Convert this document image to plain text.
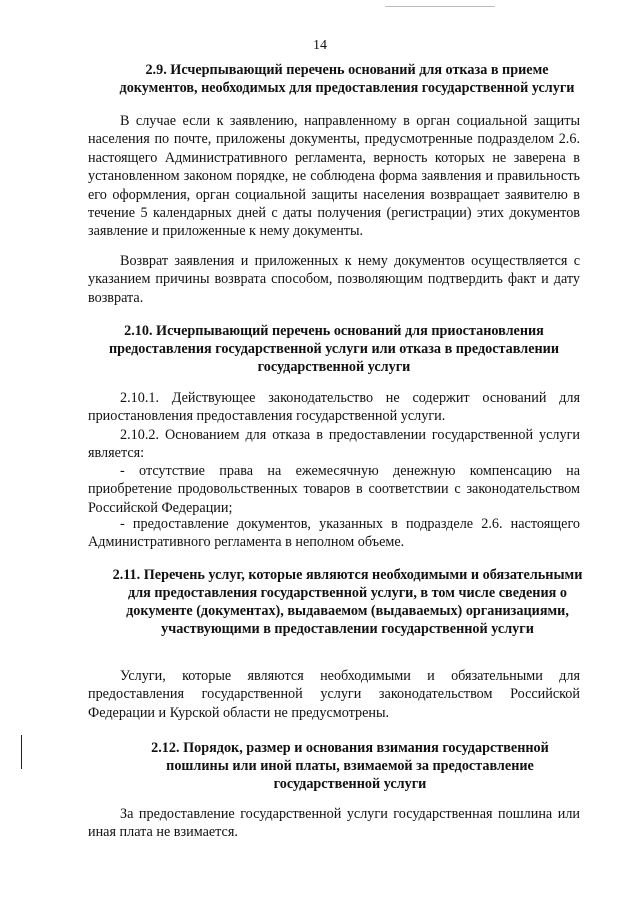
14
2.9. Исчерпывающий перечень оснований для отказа в приеме документов, необходимых для предоставления государственной услуги
В случае если к заявлению, направленному в орган социальной защиты населения по почте, приложены документы, предусмотренные подразделом 2.6. настоящего Административного регламента, верность которых не заверена в установленном законом порядке, не соблюдена форма заявления и правильность его оформления, орган социальной защиты населения возвращает заявителю в течение 5 календарных дней с даты получения (регистрации) этих документов заявление и приложенные к нему документы.
Возврат заявления и приложенных к нему документов осуществляется с указанием причины возврата способом, позволяющим подтвердить факт и дату возврата.
2.10. Исчерпывающий перечень оснований для приостановления предоставления государственной услуги или отказа в предоставлении государственной услуги
2.10.1. Действующее законодательство не содержит оснований для приостановления предоставления государственной услуги.
2.10.2. Основанием для отказа в предоставлении государственной услуги является:
- отсутствие права на ежемесячную денежную компенсацию на приобретение продовольственных товаров в соответствии с законодательством Российской Федерации;
- предоставление документов, указанных в подразделе 2.6. настоящего Административного регламента в неполном объеме.
2.11. Перечень услуг, которые являются необходимыми и обязательными для предоставления государственной услуги, в том числе сведения о документе (документах), выдаваемом (выдаваемых) организациями, участвующими в предоставлении государственной услуги
Услуги, которые являются необходимыми и обязательными для предоставления государственной услуги законодательством Российской Федерации и Курской области не предусмотрены.
2.12. Порядок, размер и основания взимания государственной пошлины или иной платы, взимаемой за предоставление государственной услуги
За предоставление государственной услуги государственная пошлина или иная плата не взимается.
